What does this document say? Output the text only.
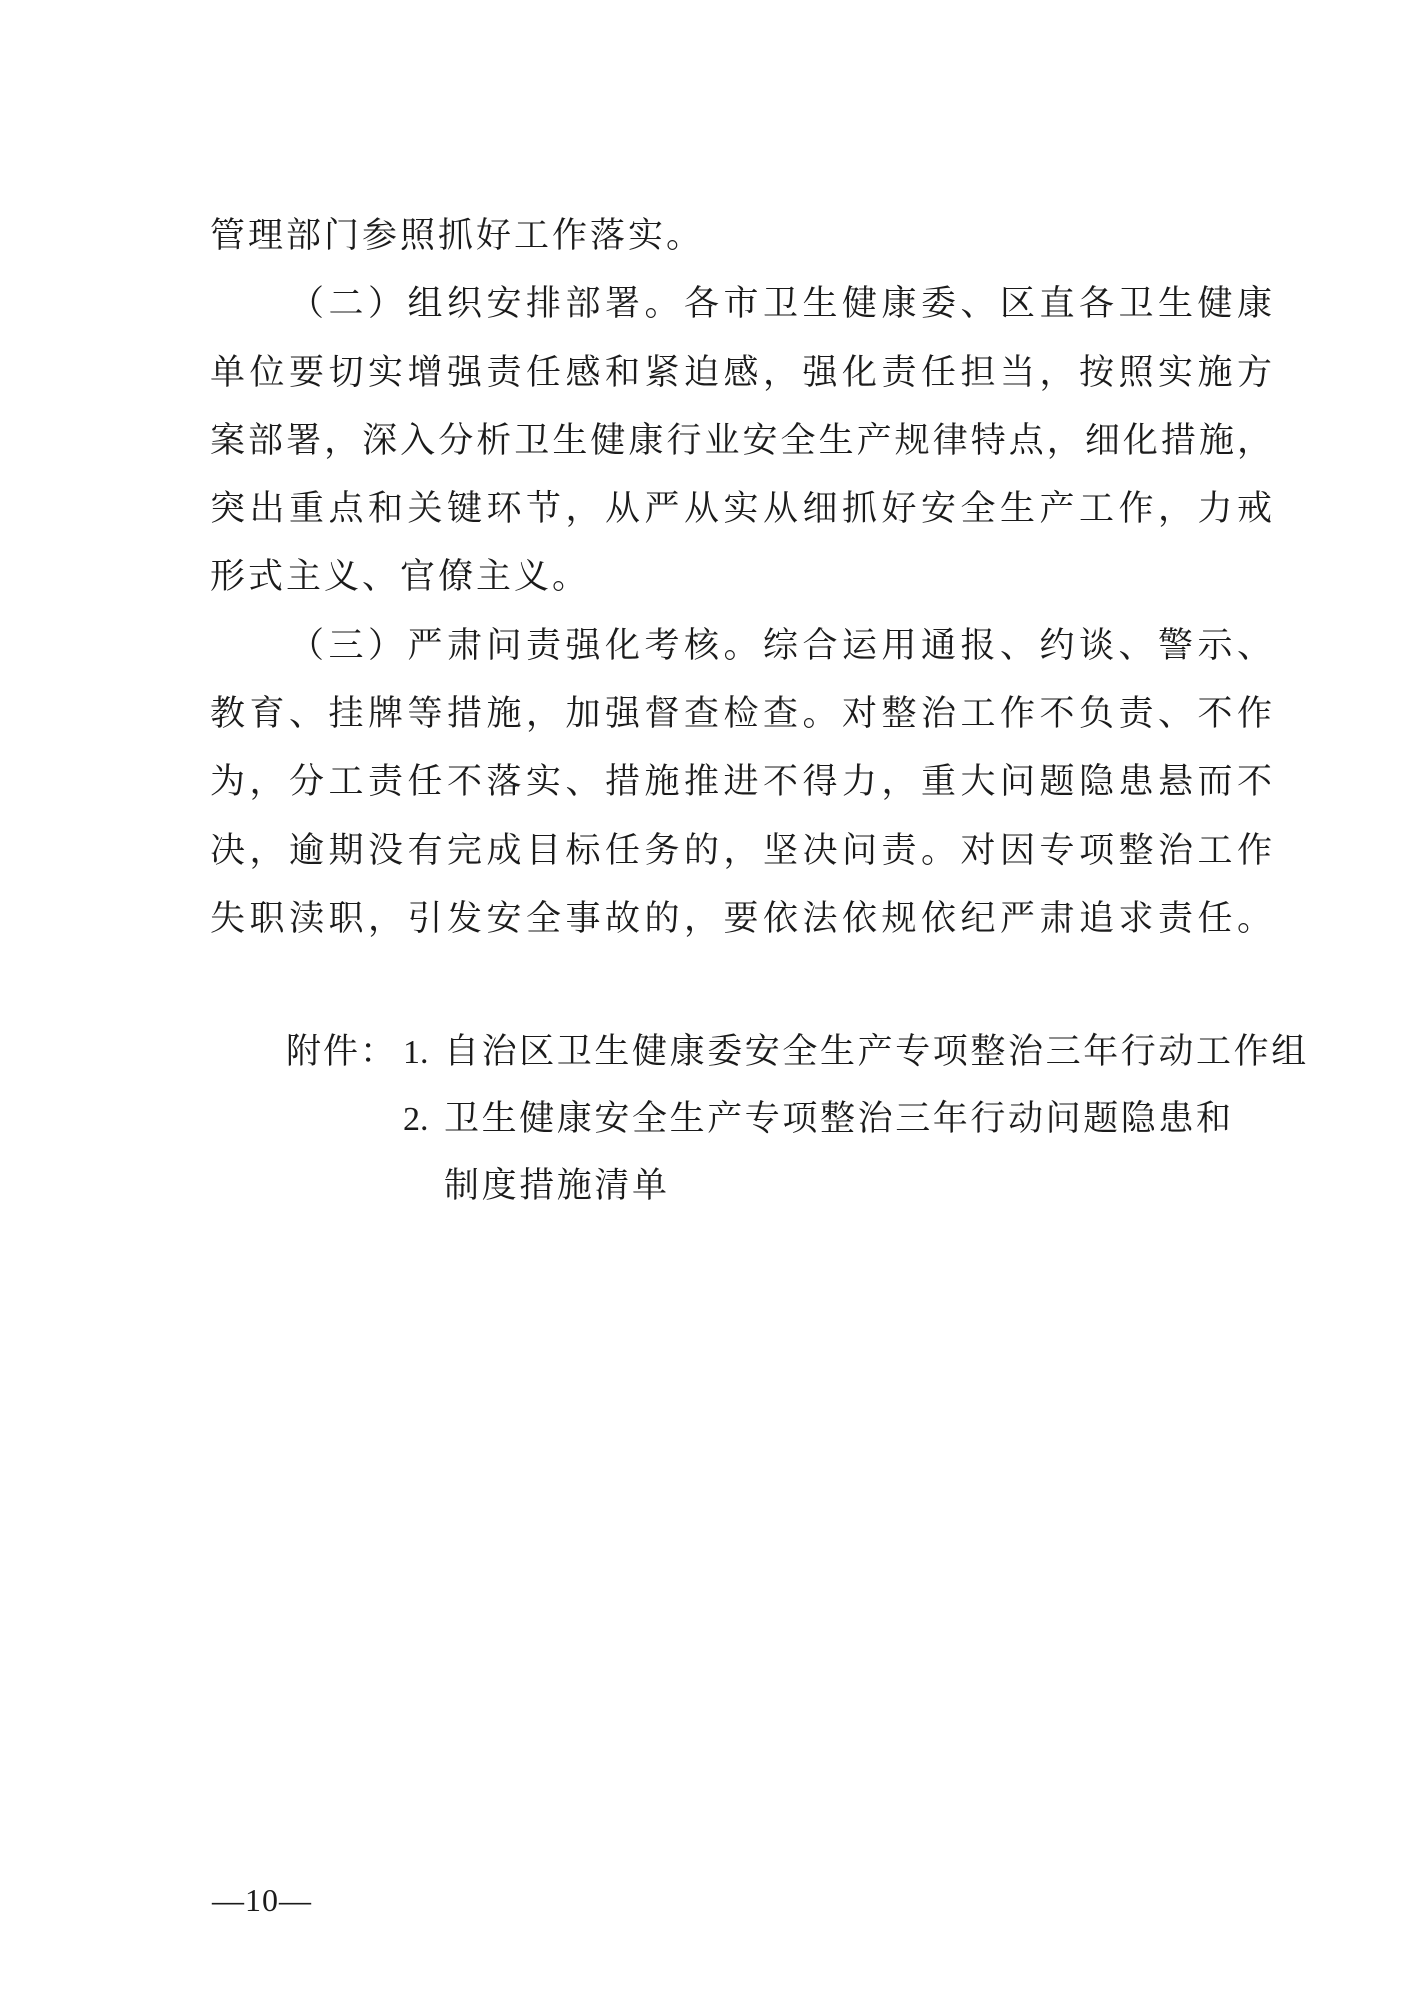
管理部门参照抓好工作落实。
（二）组织安排部署。各市卫生健康委、区直各卫生健康
单位要切实增强责任感和紧迫感，强化责任担当，按照实施方
案部署，深入分析卫生健康行业安全生产规律特点，细化措施，
突出重点和关键环节，从严从实从细抓好安全生产工作，力戒
形式主义、官僚主义。
（三）严肃问责强化考核。综合运用通报、约谈、警示、
教育、挂牌等措施，加强督查检查。对整治工作不负责、不作
为，分工责任不落实、措施推进不得力，重大问题隐患悬而不
决，逾期没有完成目标任务的，坚决问责。对因专项整治工作
失职渎职，引发安全事故的，要依法依规依纪严肃追求责任。
附件： 1. 自治区卫生健康委安全生产专项整治三年行动工作组
2. 卫生健康安全生产专项整治三年行动问题隐患和
制度措施清单
—10—
